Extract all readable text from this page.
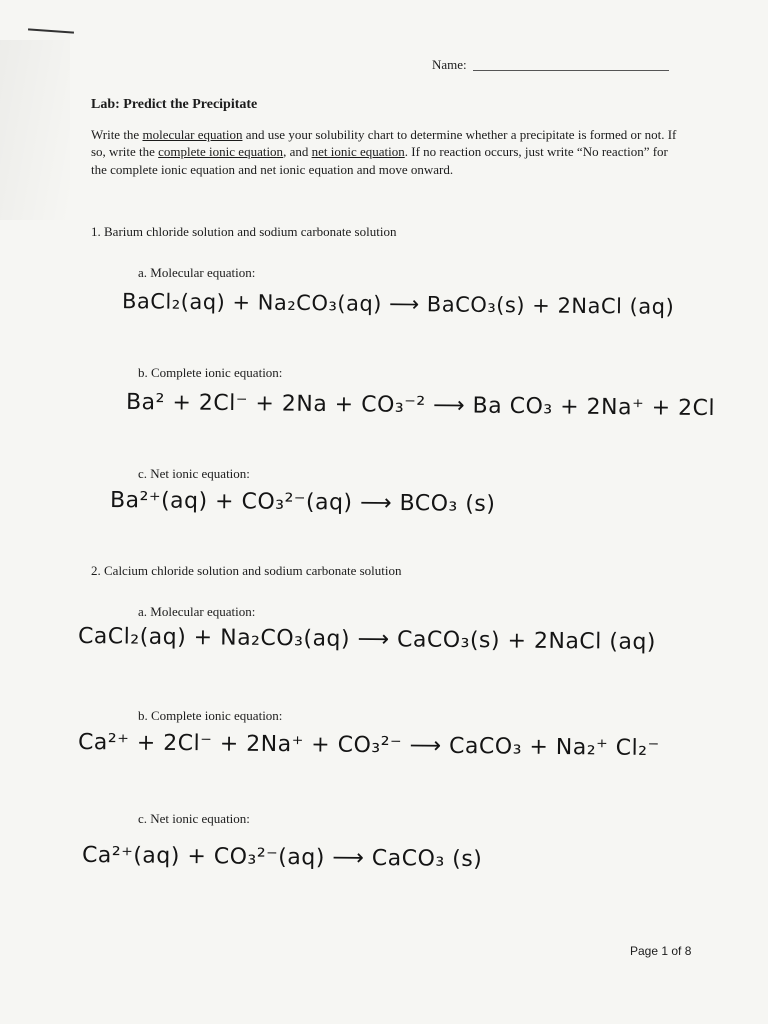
Name:
Lab: Predict the Precipitate
Write the molecular equation and use your solubility chart to determine whether a precipitate is formed or not. If so, write the complete ionic equation, and net ionic equation. If no reaction occurs, just write “No reaction” for the complete ionic equation and net ionic equation and move onward.
1. Barium chloride solution and sodium carbonate solution
a. Molecular equation:
BaCl₂(aq) + Na₂CO₃(aq) ⟶ BaCO₃(s) + 2NaCl (aq)
b. Complete ionic equation:
Ba² + 2Cl⁻ + 2Na + CO₃⁻² ⟶ Ba CO₃ + 2Na⁺ + 2Cl
c. Net ionic equation:
Ba²⁺(aq) + CO₃²⁻(aq) ⟶ BCO₃ (s)
2. Calcium chloride solution and sodium carbonate solution
a. Molecular equation:
CaCl₂(aq) + Na₂CO₃(aq) ⟶ CaCO₃(s) + 2NaCl (aq)
b. Complete ionic equation:
Ca²⁺ + 2Cl⁻ + 2Na⁺ + CO₃²⁻ ⟶ CaCO₃ + Na₂⁺ Cl₂⁻
c. Net ionic equation:
Ca²⁺(aq) + CO₃²⁻(aq) ⟶ CaCO₃ (s)
Page 1 of 8
